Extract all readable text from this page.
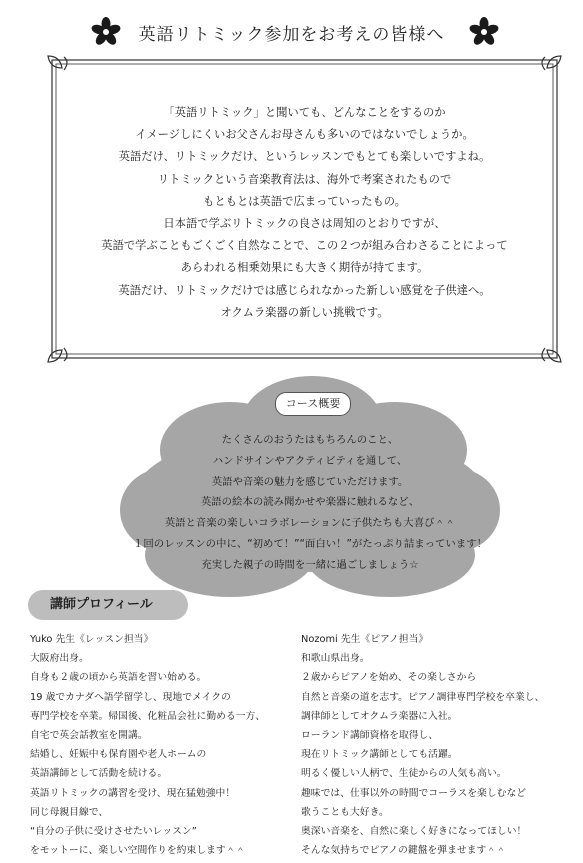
英語リトミック参加をお考えの皆様へ
「英語リトミック」と聞いても、どんなことをするのか
イメージしにくいお父さんお母さんも多いのではないでしょうか。
英語だけ、リトミックだけ、というレッスンでもとても楽しいですよね。
リトミックという音楽教育法は、海外で考案されたもので
もともとは英語で広まっていったもの。
日本語で学ぶリトミックの良さは周知のとおりですが、
英語で学ぶこともごくごく自然なことで、この２つが組み合わさることによって
あらわれる相乗効果にも大きく期待が持てます。
英語だけ、リトミックだけでは感じられなかった新しい感覚を子供達へ。
オクムラ楽器の新しい挑戦です。
コース概要
たくさんのおうたはもちろんのこと、
ハンドサインやアクティビティを通して、
英語や音楽の魅力を感じていただけます。
英語の絵本の読み聞かせや楽器に触れるなど、
英語と音楽の楽しいコラボレーションに子供たちも大喜び＾＾
１回のレッスンの中に、“初めて！”“面白い！”がたっぷり詰まっています！
充実した親子の時間を一緒に過ごしましょう☆
講師プロフィール
Yuko 先生《レッスン担当》
大阪府出身。
自身も２歳の頃から英語を習い始める。
19 歳でカナダへ語学留学し、現地でメイクの
専門学校を卒業。帰国後、化粧品会社に勤める一方、
自宅で英会話教室を開講。
結婚し、妊娠中も保育園や老人ホームの
英語講師として活動を続ける。
英語リトミックの講習を受け、現在猛勉強中！
同じ母親目線で、
“自分の子供に受けさせたいレッスン”
をモットーに、楽しい空間作りを約束します＾＾
Nozomi 先生《ピアノ担当》
和歌山県出身。
２歳からピアノを始め、その楽しさから
自然と音楽の道を志す。ピアノ調律専門学校を卒業し、
調律師としてオクムラ楽器に入社。
ローランド講師資格を取得し、
現在リトミック講師としても活躍。
明るく優しい人柄で、生徒からの人気も高い。
趣味では、仕事以外の時間でコーラスを楽しむなど
歌うことも大好き。
奥深い音楽を、自然に楽しく好きになってほしい！
そんな気持ちでピアノの鍵盤を弾ませます＾＾
